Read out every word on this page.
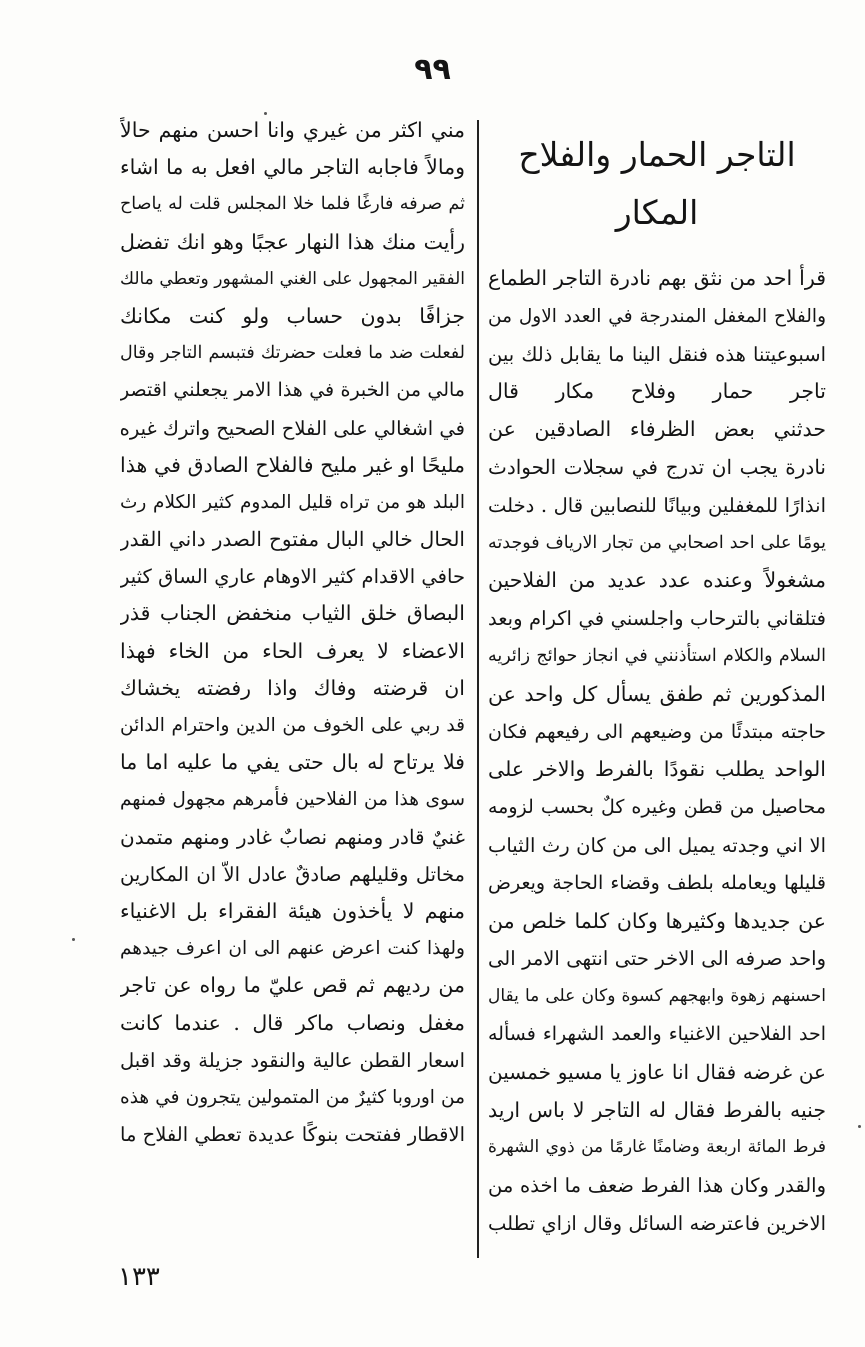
٩٩
التاجر الحمار والفلاح المكار
قرأ احد من نثق بهم نادرة التاجر الطماع
والفلاح المغفل المندرجة في العدد الاول من
اسبوعيتنا هذه فنقل الينا ما يقابل ذلك بين
تاجر حمار وفلاح مكار قال
حدثني بعض الظرفاء الصادقين عن
نادرة يجب ان تدرج في سجلات الحوادث
انذارًا للمغفلين وبيانًا للنصابين قال . دخلت
يومًا على احد اصحابي من تجار الارياف فوجدته
مشغولاً وعنده عدد عديد من الفلاحين
فتلقاني بالترحاب واجلسني في اكرام وبعد
السلام والكلام استأذنني في انجاز حوائج زائريه
المذكورين ثم طفق يسأل كل واحد عن
حاجته مبتدئًا من وضيعهم الى رفيعهم فكان
الواحد يطلب نقودًا بالفرط والاخر على
محاصيل من قطن وغيره كلٌ بحسب لزومه
الا اني وجدته يميل الى من كان رث الثياب
قليلها ويعامله بلطف وقضاء الحاجة ويعرض
عن جديدها وكثيرها وكان كلما خلص من
واحد صرفه الى الاخر حتى انتهى الامر الى
احسنهم زهوة وابهجهم كسوة وكان على ما يقال
احد الفلاحين الاغنياء والعمد الشهراء فسأله
عن غرضه فقال انا عاوز يا مسيو خمسين
جنيه بالفرط فقال له التاجر لا باس اريد
فرط المائة اربعة وضامنًا غارمًا من ذوي الشهرة
والقدر وكان هذا الفرط ضعف ما اخذه من
الاخرين فاعترضه السائل وقال ازاي تطلب
مني اكثر من غيري وانا احسن منهم حالاً
ومالاً فاجابه التاجر مالي افعل به ما اشاء
ثم صرفه فارغًا فلما خلا المجلس قلت له ياصاح
رأيت منك هذا النهار عجبًا وهو انك تفضل
الفقير المجهول على الغني المشهور وتعطي مالك
جزافًا بدون حساب ولو كنت مكانك
لفعلت ضد ما فعلت حضرتك فتبسم التاجر وقال
مالي من الخبرة في هذا الامر يجعلني اقتصر
في اشغالي على الفلاح الصحيح واترك غيره
مليحًا او غير مليح فالفلاح الصادق في هذا
البلد هو من تراه قليل المدوم كثير الكلام رث
الحال خالي البال مفتوح الصدر داني القدر
حافي الاقدام كثير الاوهام عاري الساق كثير
البصاق خلق الثياب منخفض الجناب قذر
الاعضاء لا يعرف الحاء من الخاء فهذا
ان قرضته وفاك واذا رفضته يخشاك
قد ربي على الخوف من الدين واحترام الدائن
فلا يرتاح له بال حتى يفي ما عليه اما ما
سوى هذا من الفلاحين فأمرهم مجهول فمنهم
غنيٌ قادر ومنهم نصابٌ غادر ومنهم متمدن
مخاتل وقليلهم صادقٌ عادل الاّ ان المكارين
منهم لا يأخذون هيئة الفقراء بل الاغنياء
ولهذا كنت اعرض عنهم الى ان اعرف جيدهم
من رديهم ثم قص عليّ ما رواه عن تاجر
مغفل ونصاب ماكر قال . عندما كانت
اسعار القطن عالية والنقود جزيلة وقد اقبل
من اوروبا كثيرٌ من المتمولين يتجرون في هذه
الاقطار ففتحت بنوكًا عديدة تعطي الفلاح ما
١٣٣
